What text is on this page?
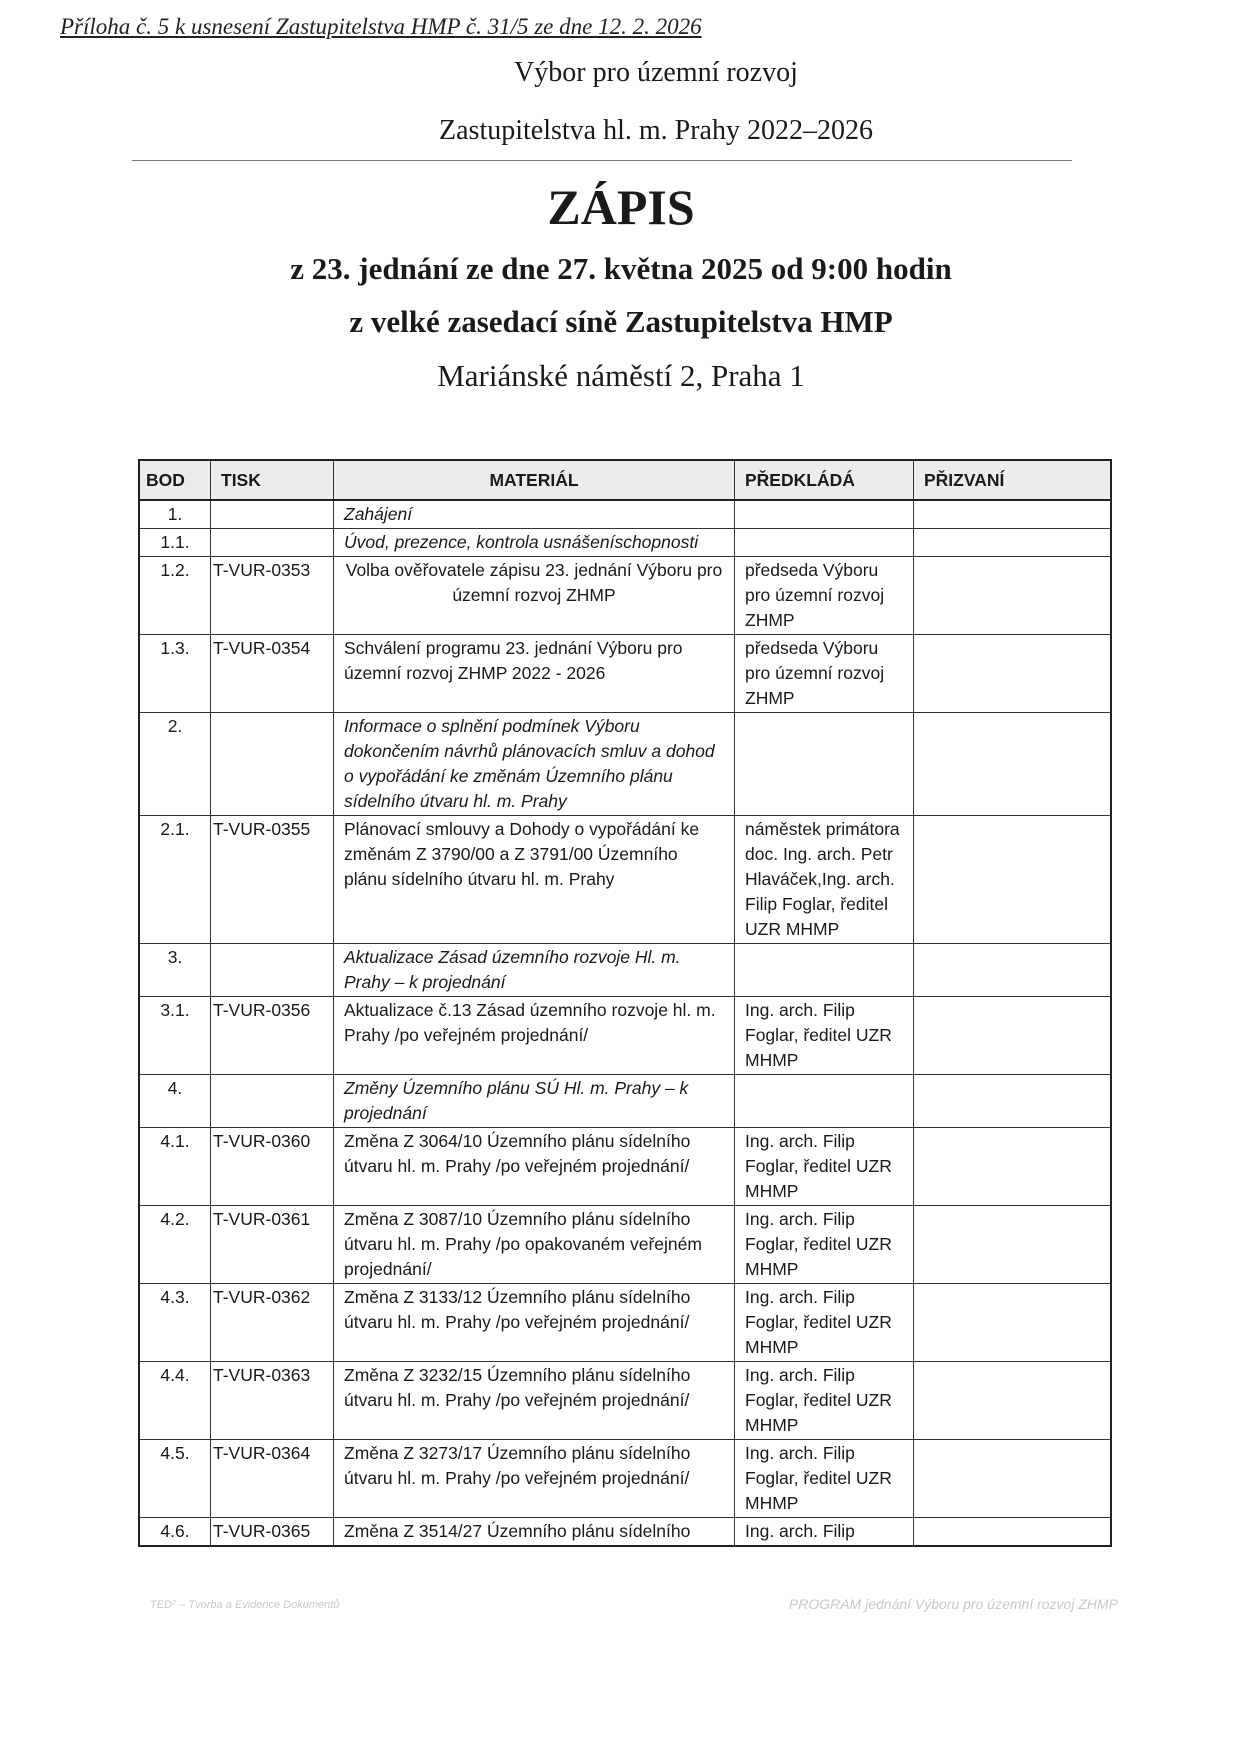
Příloha č. 5 k usnesení Zastupitelstva HMP č. 31/5 ze dne 12. 2. 2026
Výbor pro územní rozvoj
Zastupitelstva hl. m. Prahy 2022–2026
ZÁPIS
z 23. jednání ze dne 27. května 2025 od 9:00 hodin
z velké zasedací síně Zastupitelstva HMP
Mariánské náměstí 2, Praha 1
BOD	TISK	MATERIÁL	PŘEDKLÁDÁ	PŘIZVANÍ
1.		Zahájení		
1.1.		Úvod, prezence, kontrola usnášeníschopnosti		
1.2.	T-VUR-0353	Volba ověřovatele zápisu 23. jednání Výboru pro územní rozvoj ZHMP	předseda Výboru pro územní rozvoj ZHMP	
1.3.	T-VUR-0354	Schválení programu 23. jednání Výboru pro územní rozvoj ZHMP 2022 - 2026	předseda Výboru pro územní rozvoj ZHMP	
2.		Informace o splnění podmínek Výboru dokončením návrhů plánovacích smluv a dohod o vypořádání ke změnám Územního plánu sídelního útvaru hl. m. Prahy		
2.1.	T-VUR-0355	Plánovací smlouvy a Dohody o vypořádání ke změnám Z 3790/00 a Z 3791/00 Územního plánu sídelního útvaru hl. m. Prahy	náměstek primátora doc. Ing. arch. Petr Hlaváček,Ing. arch. Filip Foglar, ředitel UZR MHMP	
3.		Aktualizace Zásad územního rozvoje Hl. m. Prahy – k projednání		
3.1.	T-VUR-0356	Aktualizace č.13 Zásad územního rozvoje hl. m. Prahy /po veřejném projednání/	Ing. arch. Filip Foglar, ředitel UZR MHMP	
4.		Změny Územního plánu SÚ Hl. m. Prahy – k projednání		
4.1.	T-VUR-0360	Změna Z 3064/10 Územního plánu sídelního útvaru hl. m. Prahy /po veřejném projednání/	Ing. arch. Filip Foglar, ředitel UZR MHMP	
4.2.	T-VUR-0361	Změna Z 3087/10 Územního plánu sídelního útvaru hl. m. Prahy /po opakovaném veřejném projednání/	Ing. arch. Filip Foglar, ředitel UZR MHMP	
4.3.	T-VUR-0362	Změna Z 3133/12 Územního plánu sídelního útvaru hl. m. Prahy /po veřejném projednání/	Ing. arch. Filip Foglar, ředitel UZR MHMP	
4.4.	T-VUR-0363	Změna Z 3232/15 Územního plánu sídelního útvaru hl. m. Prahy /po veřejném projednání/	Ing. arch. Filip Foglar, ředitel UZR MHMP	
4.5.	T-VUR-0364	Změna Z 3273/17 Územního plánu sídelního útvaru hl. m. Prahy /po veřejném projednání/	Ing. arch. Filip Foglar, ředitel UZR MHMP	
4.6.	T-VUR-0365	Změna Z 3514/27 Územního plánu sídelního	Ing. arch. Filip	
TED⁷ – Tvorba a Evidence Dokumentů	PROGRAM jednání Výboru pro územní rozvoj ZHMP
